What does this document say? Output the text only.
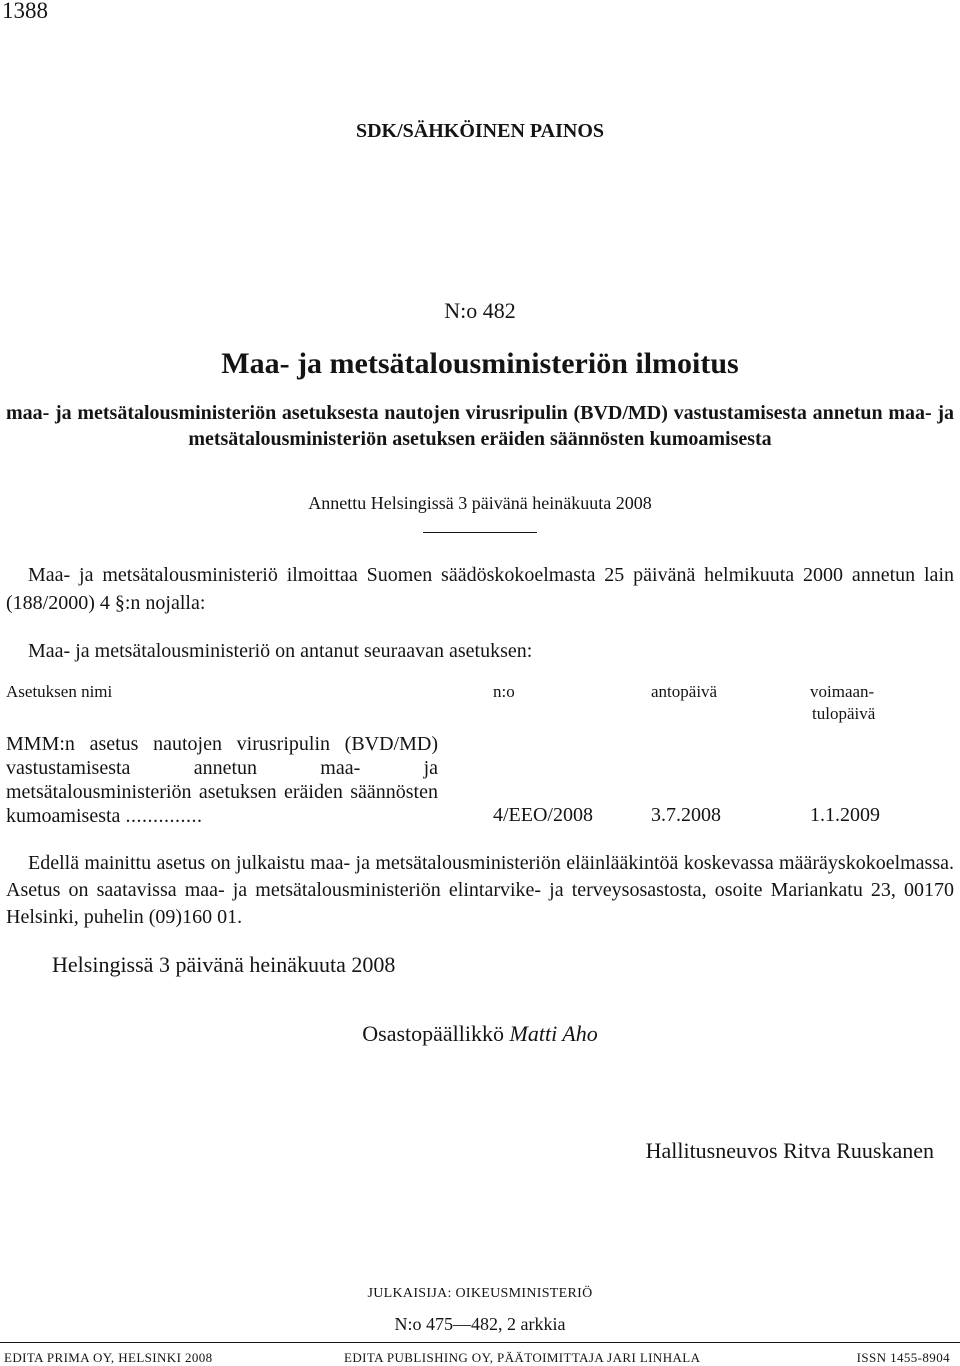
1388
SDK/SÄHKÖINEN PAINOS
N:o 482
Maa- ja metsätalousministeriön ilmoitus
maa- ja metsätalousministeriön asetuksesta nautojen virusripulin (BVD/MD) vastustamisesta annetun maa- ja metsätalousministeriön asetuksen eräiden säännösten kumoamisesta
Annettu Helsingissä 3 päivänä heinäkuuta 2008
Maa- ja metsätalousministeriö ilmoittaa Suomen säädöskokoelmasta 25 päivänä helmikuuta 2000 annetun lain (188/2000) 4 §:n nojalla:
Maa- ja metsätalousministeriö on antanut seuraavan asetuksen:
Asetuksen nimi	n:o	antopäivä	voimaan-
tulopäivä
MMM:n asetus nautojen virusripulin (BVD/MD) vastustamisesta annetun maa- ja metsätalousministeriön asetuksen eräiden säännösten kumoamisesta ..............	4/EEO/2008	3.7.2008	1.1.2009
Edellä mainittu asetus on julkaistu maa- ja metsätalousministeriön eläinlääkintöä koskevassa määräyskokoelmassa. Asetus on saatavissa maa- ja metsätalousministeriön elintarvike- ja terveysosastosta, osoite Mariankatu 23, 00170 Helsinki, puhelin (09)160 01.
Helsingissä 3 päivänä heinäkuuta 2008
Osastopäällikkö Matti Aho
Hallitusneuvos Ritva Ruuskanen
JULKAISIJA: OIKEUSMINISTERIÖ
N:o 475—482, 2 arkkia
EDITA PRIMA OY, HELSINKI 2008	EDITA PUBLISHING OY, PÄÄTOIMITTAJA JARI LINHALA	ISSN 1455-8904
